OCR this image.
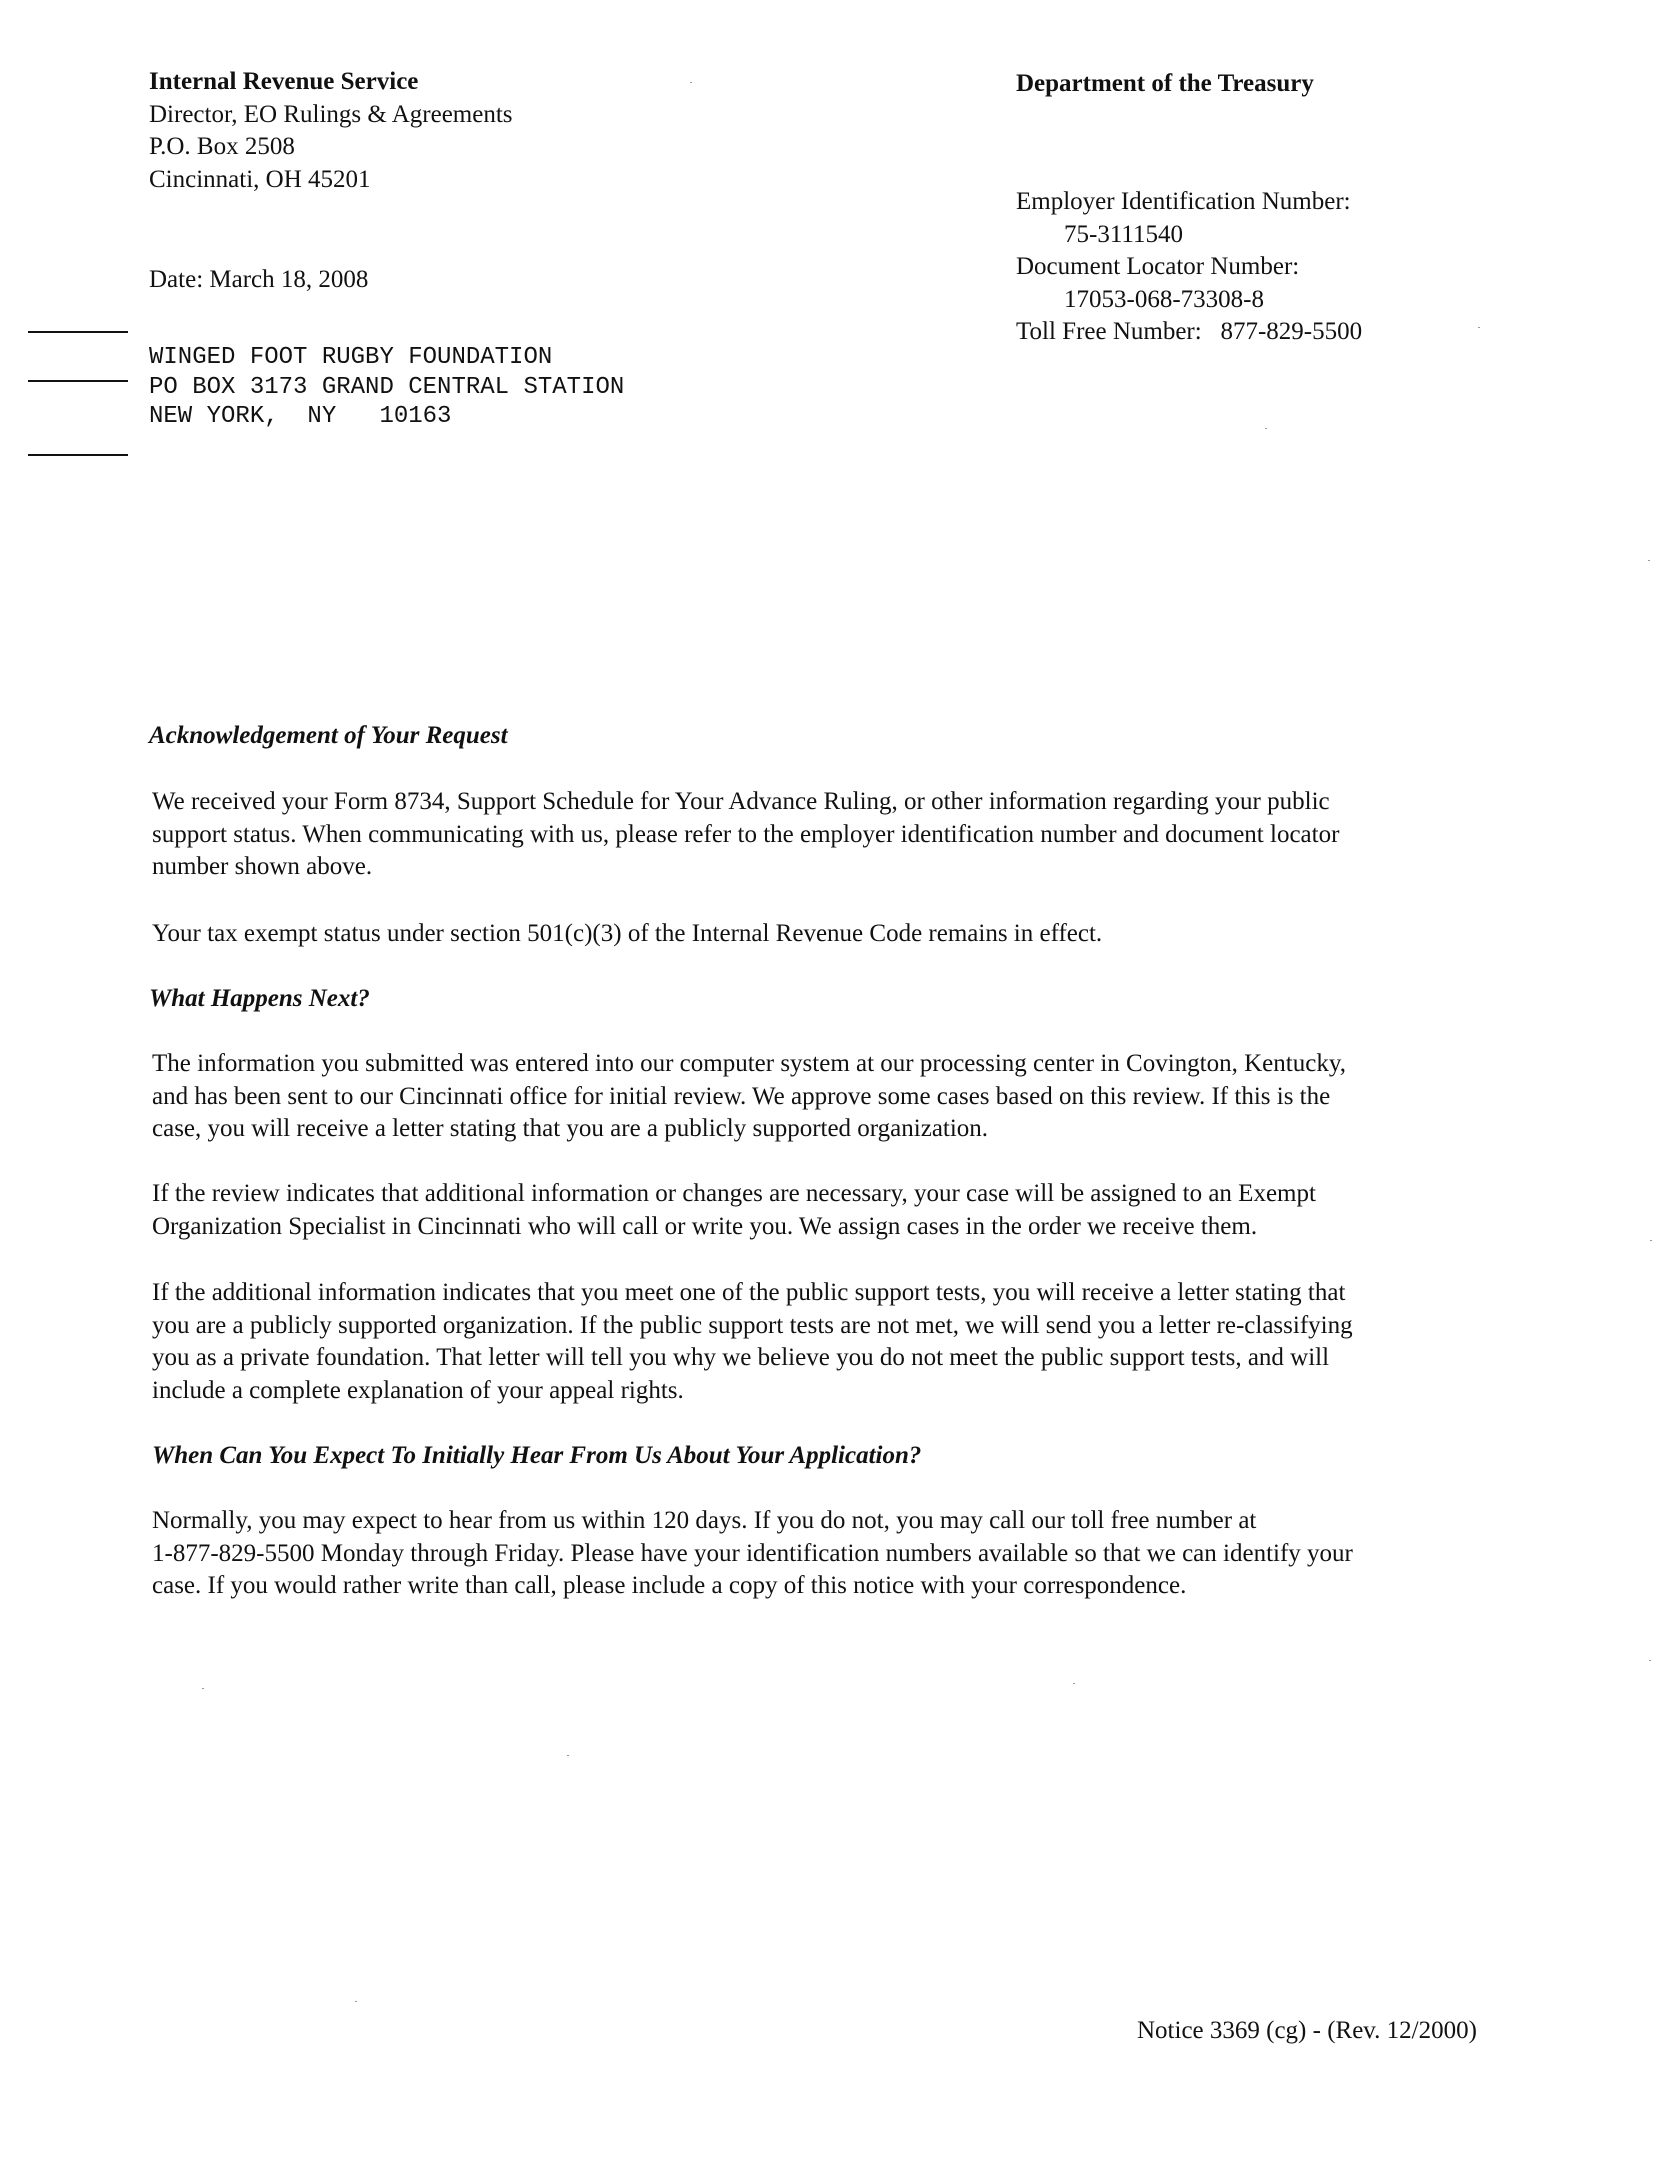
Internal Revenue Service
Director, EO Rulings & Agreements
P.O. Box 2508
Cincinnati, OH 45201
Department of the Treasury
Employer Identification Number:
75-3111540
Document Locator Number:
17053-068-73308-8
Toll Free Number: 877-829-5500
Date: March 18, 2008
WINGED FOOT RUGBY FOUNDATION
PO BOX 3173 GRAND CENTRAL STATION
NEW YORK,  NY   10163
Acknowledgement of Your Request
We received your Form 8734, Support Schedule for Your Advance Ruling, or other information regarding your public
support status. When communicating with us, please refer to the employer identification number and document locator
number shown above.
Your tax exempt status under section 501(c)(3) of the Internal Revenue Code remains in effect.
What Happens Next?
The information you submitted was entered into our computer system at our processing center in Covington, Kentucky,
and has been sent to our Cincinnati office for initial review. We approve some cases based on this review. If this is the
case, you will receive a letter stating that you are a publicly supported organization.
If the review indicates that additional information or changes are necessary, your case will be assigned to an Exempt
Organization Specialist in Cincinnati who will call or write you. We assign cases in the order we receive them.
If the additional information indicates that you meet one of the public support tests, you will receive a letter stating that
you are a publicly supported organization. If the public support tests are not met, we will send you a letter re-classifying
you as a private foundation. That letter will tell you why we believe you do not meet the public support tests, and will
include a complete explanation of your appeal rights.
When Can You Expect To Initially Hear From Us About Your Application?
Normally, you may expect to hear from us within 120 days. If you do not, you may call our toll free number at
1-877-829-5500 Monday through Friday. Please have your identification numbers available so that we can identify your
case. If you would rather write than call, please include a copy of this notice with your correspondence.
Notice 3369 (cg) - (Rev. 12/2000)
